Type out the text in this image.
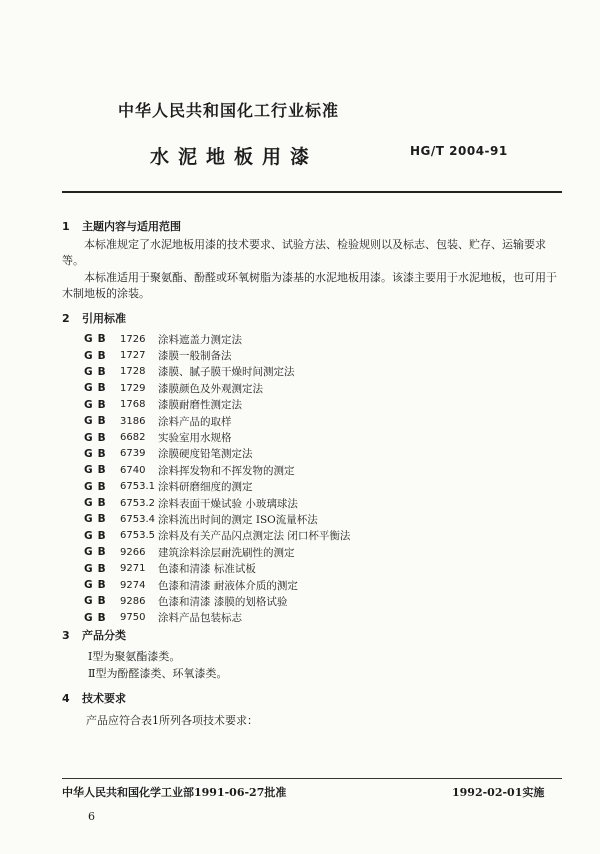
中华人民共和国化工行业标准
水泥地板用漆	HG/T 2004-91
1 主题内容与适用范围
本标准规定了水泥地板用漆的技术要求、试验方法、检验规则以及标志、包装、贮存、运输要求等。
本标准适用于聚氨酯、酚醛或环氧树脂为漆基的水泥地板用漆。该漆主要用于水泥地板，也可用于木制地板的涂装。
2 引用标准
GB 1726	涂料遮盖力测定法
GB 1727	漆膜一般制备法
GB 1728	漆膜、腻子膜干燥时间测定法
GB 1729	漆膜颜色及外观测定法
GB 1768	漆膜耐磨性测定法
GB 3186	涂料产品的取样
GB 6682	实验室用水规格
GB 6739	涂膜硬度铅笔测定法
GB 6740	涂料挥发物和不挥发物的测定
GB 6753.1 涂料研磨细度的测定
GB 6753.2 涂料表面干燥试验 小玻璃球法
GB 6753.4 涂料流出时间的测定 ISO流量杯法
GB 6753.5 涂料及有关产品闪点测定法 闭口杯平衡法
GB 9266	建筑涂料涂层耐洗刷性的测定
GB 9271	色漆和清漆 标准试板
GB 9274	色漆和清漆 耐液体介质的测定
GB 9286	色漆和清漆 漆膜的划格试验
GB 9750	涂料产品包装标志
3 产品分类
Ⅰ型为聚氨酯漆类。
Ⅱ型为酚醛漆类、环氧漆类。
4 技术要求
产品应符合表1所列各项技术要求：
中华人民共和国化学工业部1991-06-27批准	1992-02-01实施
6
